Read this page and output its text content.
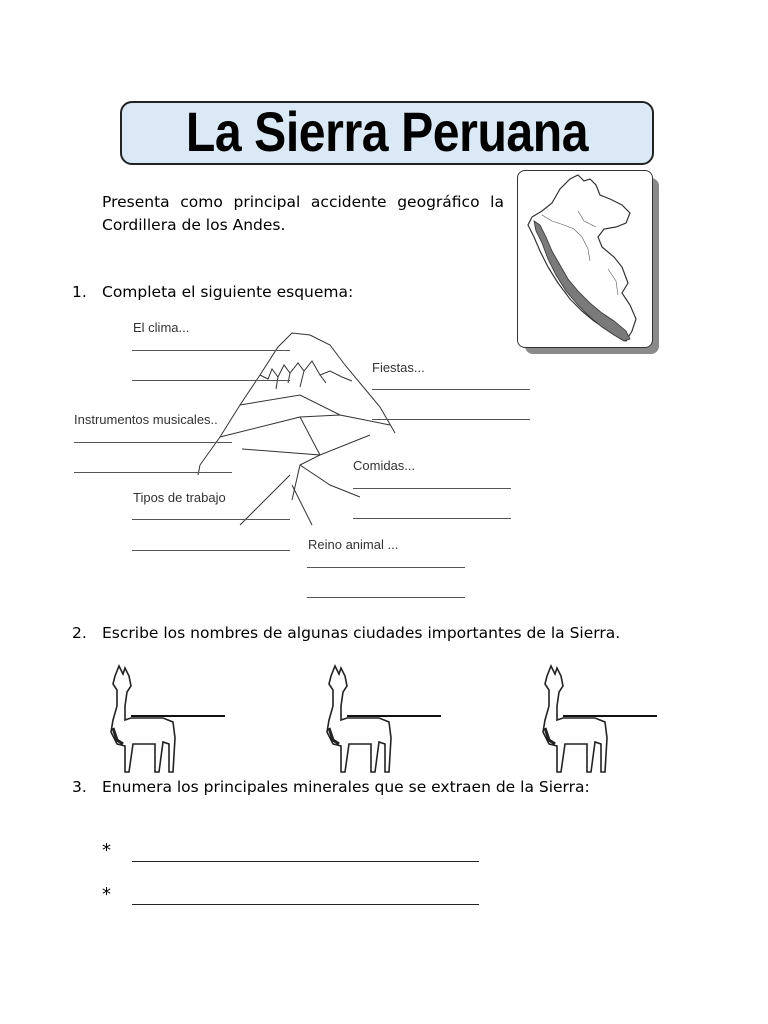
La Sierra Peruana
Presenta como principal accidente geográfico la Cordillera de los Andes.
1. Completa el siguiente esquema:
El clima...
Fiestas...
Instrumentos musicales..
Comidas...
Tipos de trabajo
Reino animal ...
2. Escribe los nombres de algunas ciudades importantes de la Sierra.
3. Enumera los principales minerales que se extraen de la Sierra:
*
*
